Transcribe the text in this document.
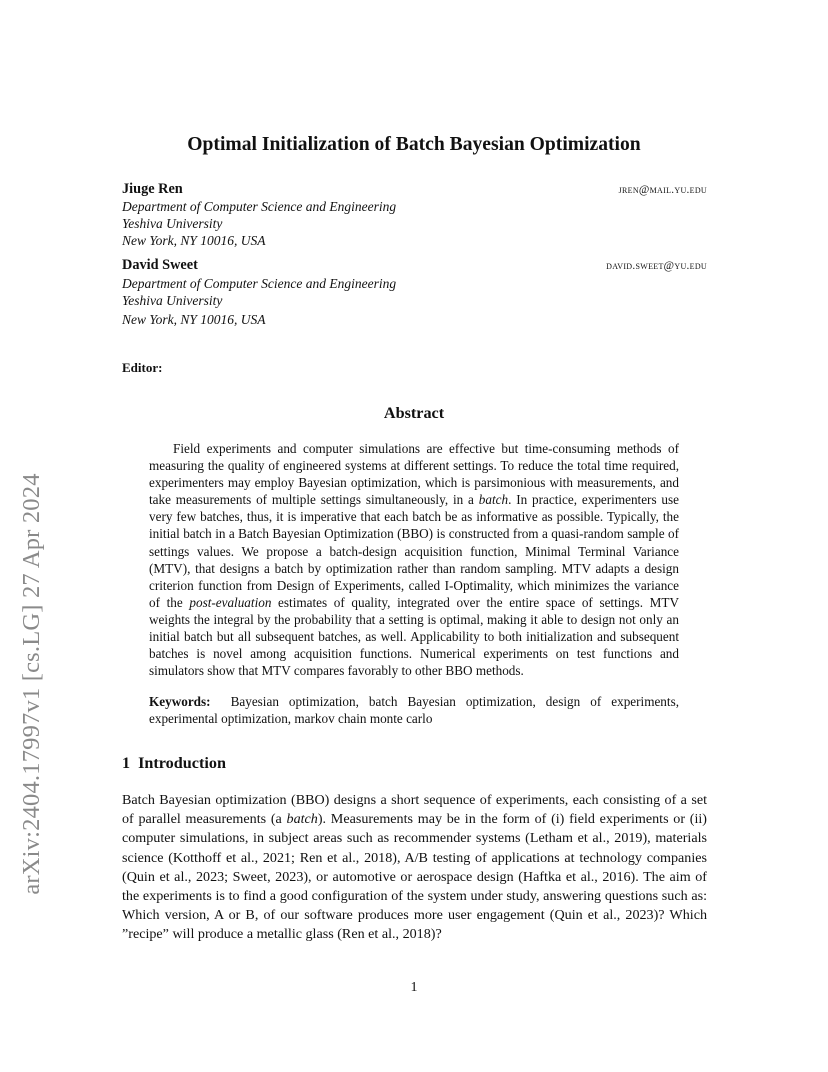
arXiv:2404.17997v1 [cs.LG] 27 Apr 2024
Optimal Initialization of Batch Bayesian Optimization
Jiuge Ren	jren@mail.yu.edu
Department of Computer Science and Engineering
Yeshiva University
New York, NY 10016, USA
David Sweet	david.sweet@yu.edu
Department of Computer Science and Engineering
Yeshiva University
New York, NY 10016, USA
Editor:
Abstract
Field experiments and computer simulations are effective but time-consuming methods of measuring the quality of engineered systems at different settings. To reduce the total time required, experimenters may employ Bayesian optimization, which is parsimonious with measurements, and take measurements of multiple settings simultaneously, in a batch. In practice, experimenters use very few batches, thus, it is imperative that each batch be as informative as possible. Typically, the initial batch in a Batch Bayesian Optimization (BBO) is constructed from a quasi-random sample of settings values. We propose a batch-design acquisition function, Minimal Terminal Variance (MTV), that designs a batch by optimization rather than random sampling. MTV adapts a design criterion function from Design of Experiments, called I-Optimality, which minimizes the variance of the post-evaluation estimates of quality, integrated over the entire space of settings. MTV weights the integral by the probability that a setting is optimal, making it able to design not only an initial batch but all subsequent batches, as well. Applicability to both initialization and subsequent batches is novel among acquisition functions. Numerical experiments on test functions and simulators show that MTV compares favorably to other BBO methods.
Keywords: Bayesian optimization, batch Bayesian optimization, design of experiments, experimental optimization, markov chain monte carlo
1 Introduction
Batch Bayesian optimization (BBO) designs a short sequence of experiments, each consisting of a set of parallel measurements (a batch). Measurements may be in the form of (i) field experiments or (ii) computer simulations, in subject areas such as recommender systems (Letham et al., 2019), materials science (Kotthoff et al., 2021; Ren et al., 2018), A/B testing of applications at technology companies (Quin et al., 2023; Sweet, 2023), or automotive or aerospace design (Haftka et al., 2016). The aim of the experiments is to find a good configuration of the system under study, answering questions such as: Which version, A or B, of our software produces more user engagement (Quin et al., 2023)? Which ”recipe” will produce a metallic glass (Ren et al., 2018)?
1
